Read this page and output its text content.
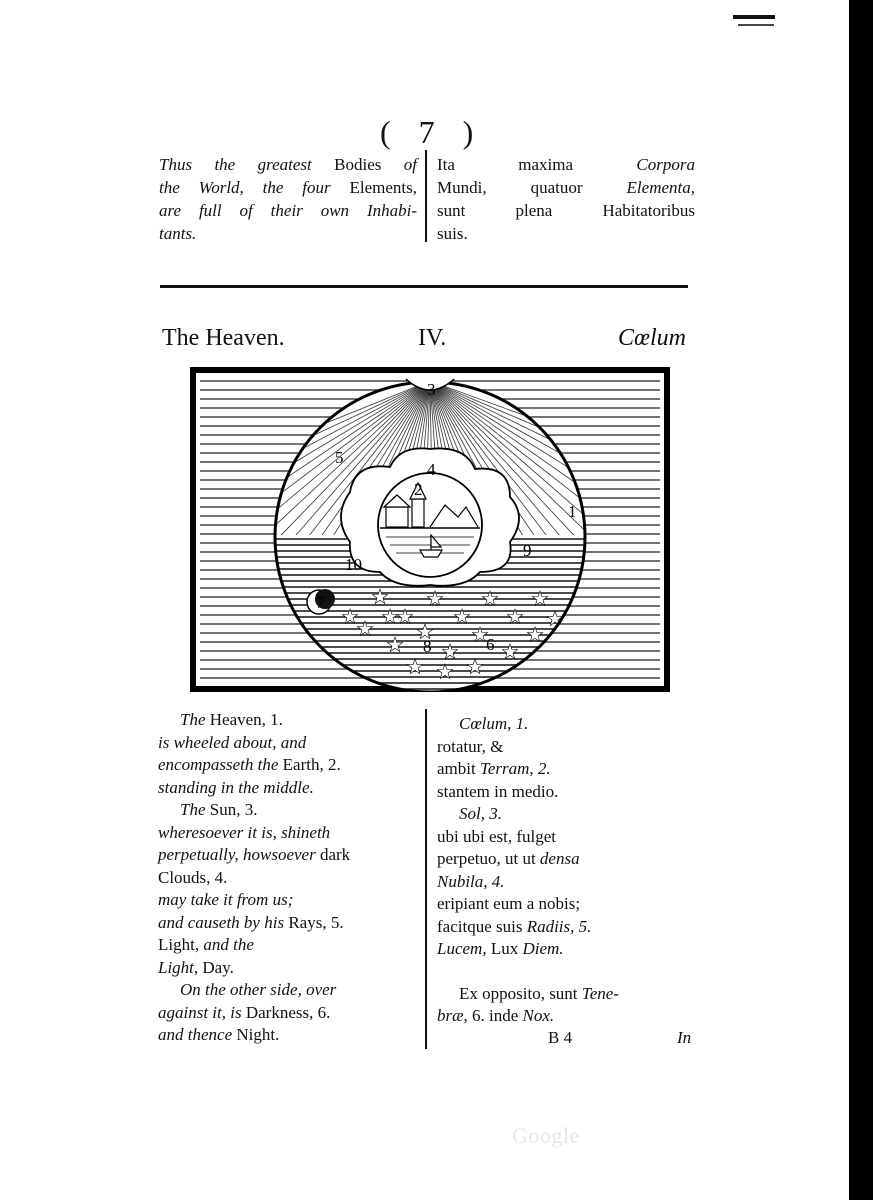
( 7 )

Thus the greatest Bodies of

the World, the four Elements,

are full of their own Inhabi-

tants.

Ita maxima Corpora

Mundi, quatuor Elementa,

sunt plena Habitatoribus

suis.

The Heaven.	IV.	Cœlum
1
2
3
4
5
6
7
8
9
10

The Heaven, 1.

is wheeled about, and

encompasseth the Earth, 2.

standing in the middle.

The Sun, 3.

wheresoever it is, shineth

perpetually, howsoever dark

Clouds, 4.

may take it from us;

and causeth by his Rays, 5.

Light, and the

Light, Day.

On the other side, over

against it, is Darkness, 6.

and thence Night.

Cœlum, 1.

rotatur, &

ambit Terram, 2.

stantem in medio.

Sol, 3.

ubi ubi est, fulget

perpetuo, ut ut densa

Nubila, 4.

eripiant eum a nobis;

facitque suis Radiis, 5.

Lucem, Lux Diem.

Ex opposito, sunt Tene-

bræ, 6. inde Nox.

B 4	In
Google
